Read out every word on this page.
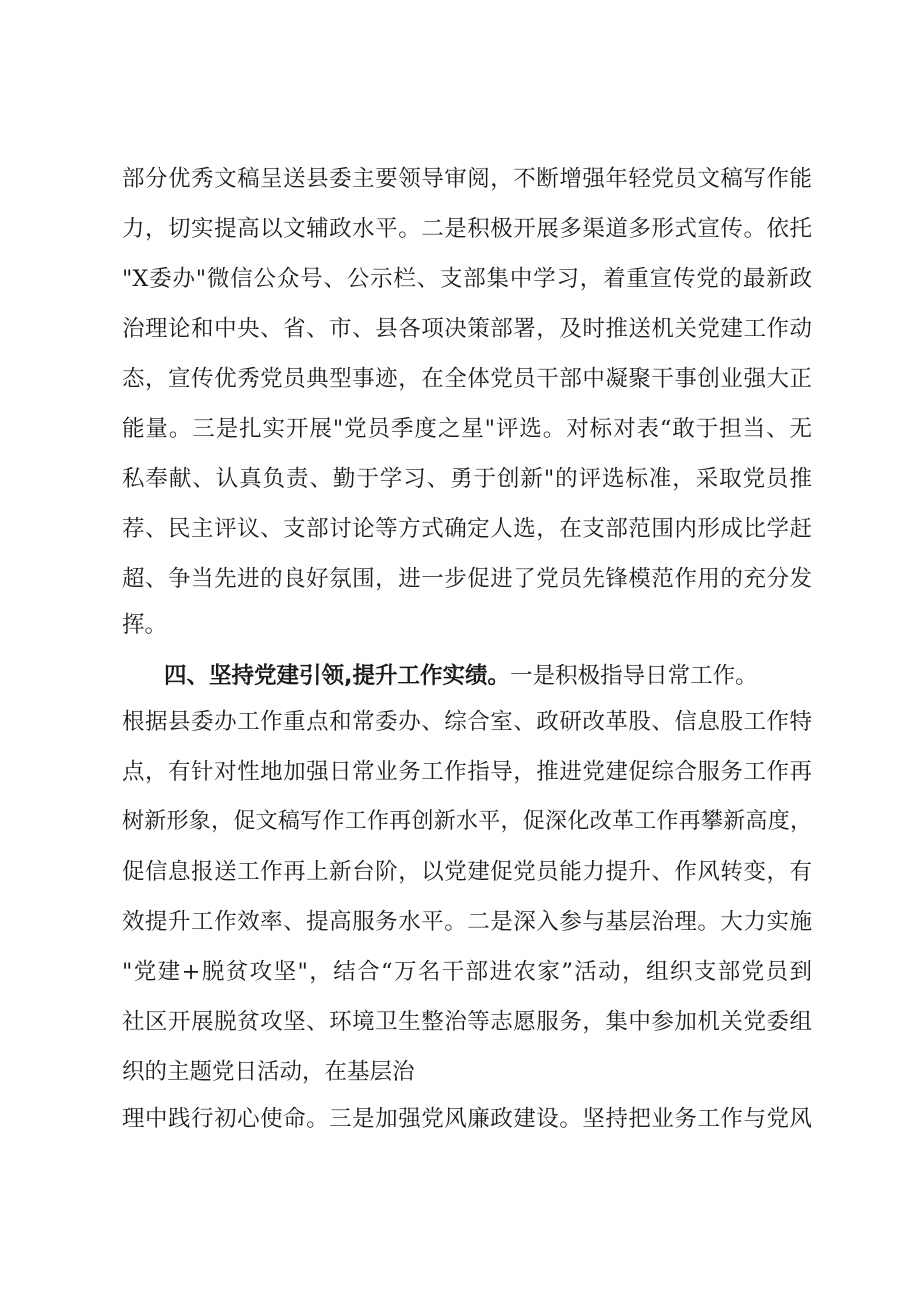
部分优秀文稿呈送县委主要领导审阅，不断增强年轻党员文稿写作能
力，切实提高以文辅政水平。二是积极开展多渠道多形式宣传。依托
"X委办"微信公众号、公示栏、支部集中学习，着重宣传党的最新政
治理论和中央、省、市、县各项决策部署，及时推送机关党建工作动
态，宣传优秀党员典型事迹，在全体党员干部中凝聚干事创业强大正
能量。三是扎实开展"党员季度之星"评选。对标对表“敢于担当、无
私奉献、认真负责、勤于学习、勇于创新"的评选标准，采取党员推
荐、民主评议、支部讨论等方式确定人选，在支部范围内形成比学赶
超、争当先进的良好氛围，进一步促进了党员先锋模范作用的充分发
挥。
四、坚持党建引领,提升工作实绩。一是积极指导日常工作。
根据县委办工作重点和常委办、综合室、政研改革股、信息股工作特
点，有针对性地加强日常业务工作指导，推进党建促综合服务工作再
树新形象，促文稿写作工作再创新水平，促深化改革工作再攀新高度，
促信息报送工作再上新台阶，以党建促党员能力提升、作风转变，有
效提升工作效率、提高服务水平。二是深入参与基层治理。大力实施
"党建+脱贫攻坚"，结合“万名干部进农家”活动，组织支部党员到
社区开展脱贫攻坚、环境卫生整治等志愿服务，集中参加机关党委组
织的主题党日活动，在基层治
理中践行初心使命。三是加强党风廉政建设。坚持把业务工作与党风
